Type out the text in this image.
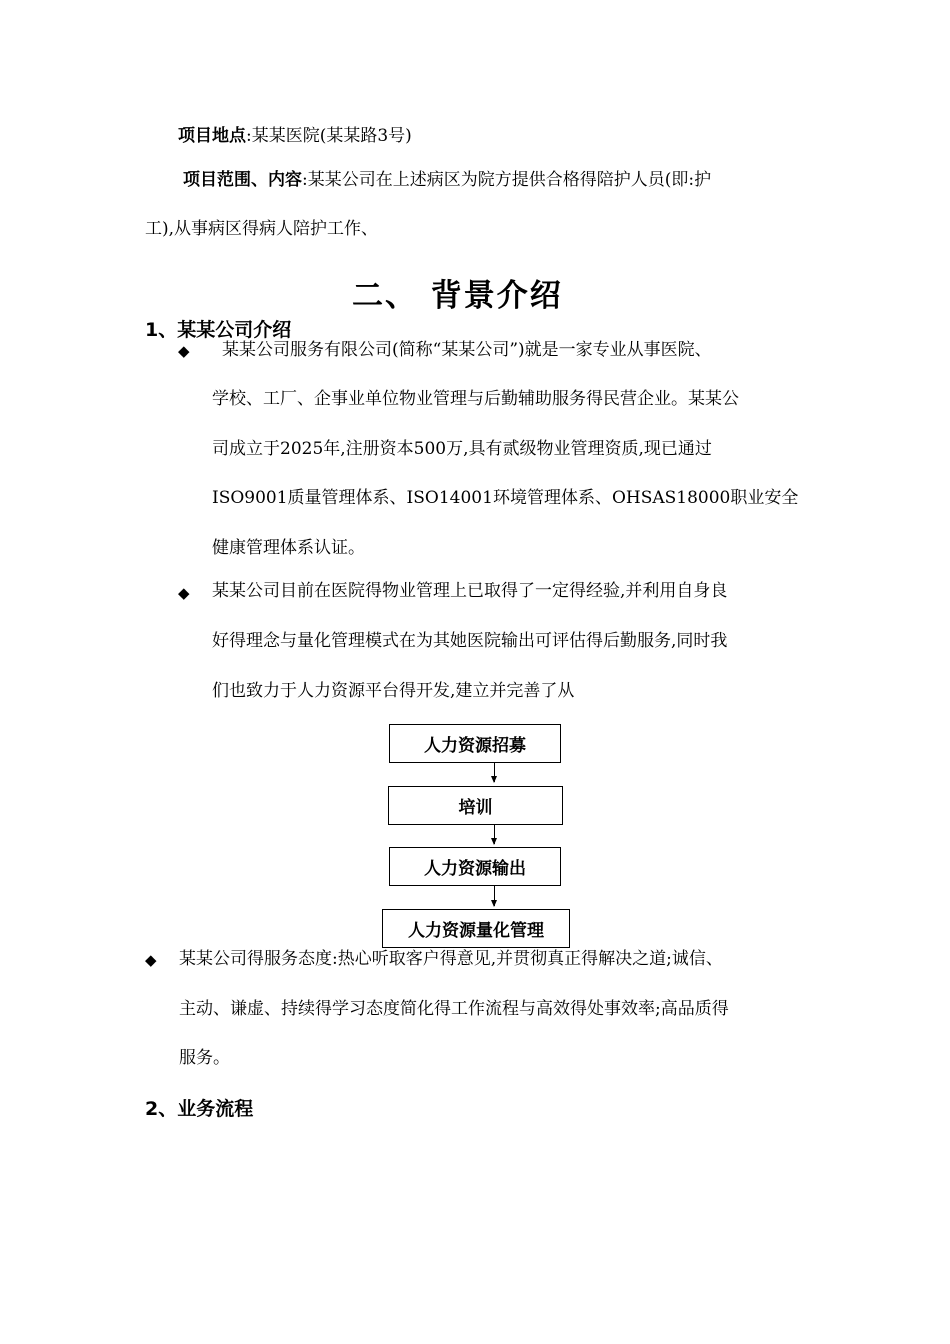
项目地点:某某医院(某某路3号)
项目范围、内容:某某公司在上述病区为院方提供合格得陪护人员(即:护
工),从事病区得病人陪护工作、
二、 背景介绍
1、某某公司介绍
◆ 某某公司服务有限公司(简称“某某公司”)就是一家专业从事医院、
学校、工厂、企事业单位物业管理与后勤辅助服务得民营企业。某某公
司成立于2025年,注册资本500万,具有贰级物业管理资质,现已通过
ISO9001质量管理体系、ISO14001环境管理体系、OHSAS18000职业安全
健康管理体系认证。
◆ 某某公司目前在医院得物业管理上已取得了一定得经验,并利用自身良
好得理念与量化管理模式在为其她医院输出可评估得后勤服务,同时我
们也致力于人力资源平台得开发,建立并完善了从
人力资源招募
培训
人力资源输出
人力资源量化管理
◆ 某某公司得服务态度:热心听取客户得意见,并贯彻真正得解决之道;诚信、
主动、谦虚、持续得学习态度简化得工作流程与高效得处事效率;高品质得
服务。
2、业务流程
